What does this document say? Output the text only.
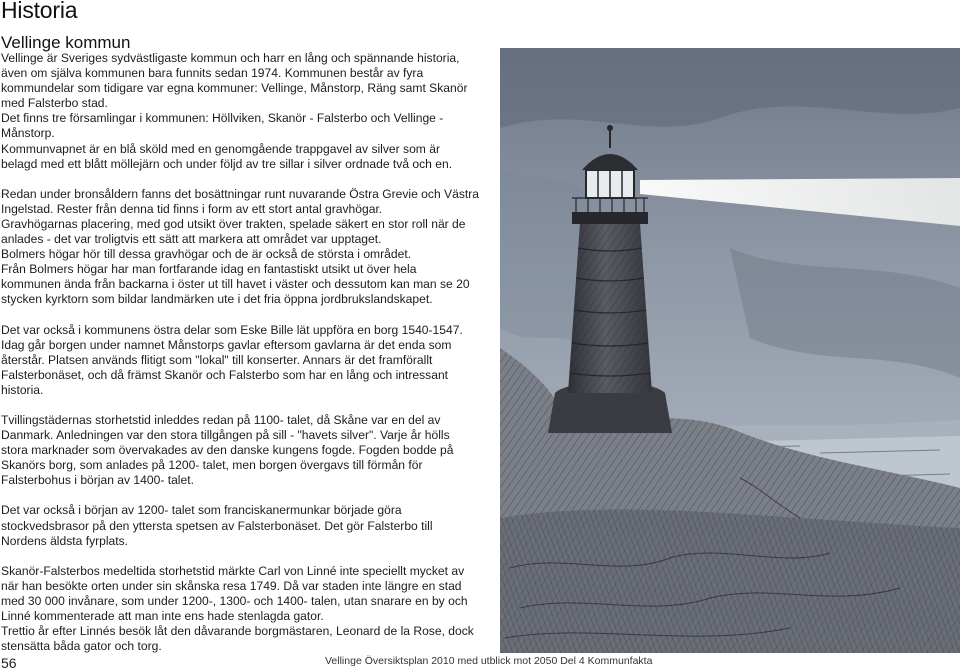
Historia
Vellinge kommun

Vellinge är Sveriges sydvästligaste kommun och harr en lång och spännande historia, även om själva kommunen bara funnits sedan 1974. Kommunen består av fyra kommundelar som tidigare var egna kommuner: Vellinge, Månstorp, Räng samt Skanör med Falsterbo stad.

Det finns tre församlingar i kommunen: Höllviken, Skanör - Falsterbo och Vellinge - Månstorp.

Kommunvapnet är en blå sköld med en genomgående trappgavel av silver som är belagd med ett blått möllejärn och under följd av tre sillar i silver ordnade två och en.

Redan under bronsåldern fanns det bosättningar runt nuvarande Östra Grevie och Västra Ingelstad. Rester från denna tid finns i form av ett stort antal gravhögar.

Gravhögarnas placering, med god utsikt över trakten, spelade säkert en stor roll när de anlades - det var troligtvis ett sätt att markera att området var upptaget.

Bolmers högar hör till dessa gravhögar och de är också de största i området.

Från Bolmers högar har man fortfarande idag en fantastiskt utsikt ut över hela kommunen ända från backarna i öster ut till havet i väster och dessutom kan man se 20 stycken kyrktorn som bildar landmärken ute i det fria öppna jordbrukslandskapet.

Det var också i kommunens östra delar som Eske Bille lät uppföra en borg 1540-1547. Idag går borgen under namnet Månstorps gavlar eftersom gavlarna är det enda som återstår. Platsen används flitigt som "lokal" till konserter. Annars är det framförallt Falsterbonäset, och då främst Skanör och Falsterbo som har en lång och intressant historia.

Tvillingstädernas storhetstid inleddes redan på 1100- talet, då Skåne var en del av Danmark. Anledningen var den stora tillgången på sill - "havets silver". Varje år hölls stora marknader som övervakades av den danske kungens fogde. Fogden bodde på Skanörs borg, som anlades på 1200- talet, men borgen övergavs till förmån för Falsterbohus i början av 1400- talet.

Det var också i början av 1200- talet som franciskanermunkar började göra stockvedsbrasor på den yttersta spetsen av Falsterbonäset. Det gör Falsterbo till Nordens äldsta fyrplats.

Skanör-Falsterbos medeltida storhetstid märkte Carl von Linné inte speciellt mycket av när han besökte orten under sin skånska resa 1749. Då var staden inte längre en stad med 30 000 invånare, som under 1200-, 1300- och 1400- talen, utan snarare en by och Linné kommenterade att man inte ens hade stenlagda gator.

Trettio år efter Linnés besök låt den dåvarande borgmästaren, Leonard de la Rose, dock stensätta båda gator och torg.

56	Vellinge Översiktsplan 2010 med utblick mot 2050 Del 4 Kommunfakta
